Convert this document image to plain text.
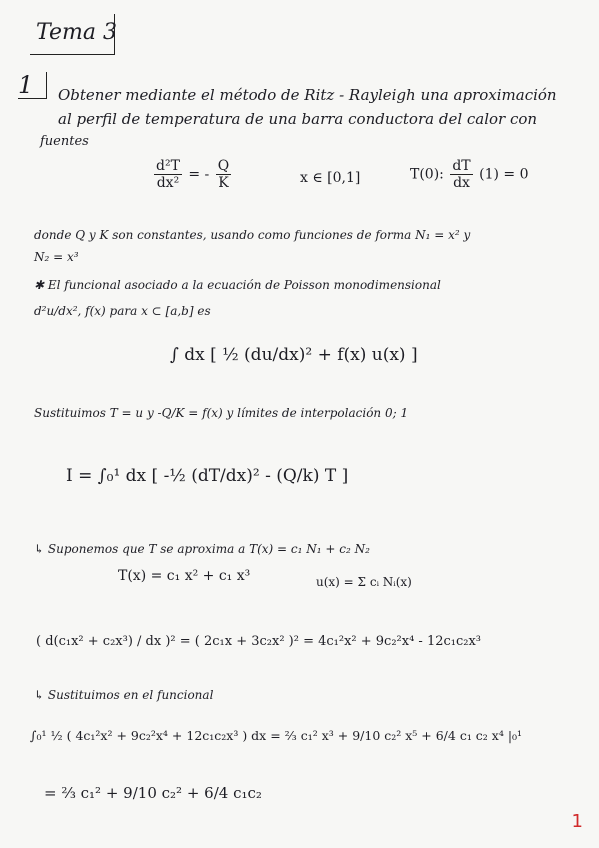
Tema 3
1	Obtener mediante el método de Ritz - Rayleigh una aproximación
al perfil de temperatura de una barra conductora del calor con
fuentes
$\frac{\text{d²T}}{\text{dx²}}$ = - $\frac{Q}{K}$	x ∈ [0,1]	T(0): $\frac{dT}{dx} (1) = 0$
donde Q y K son constantes, usando como funciones de forma N₁ = x² y
N₂ = x³
✱ El funcional asociado a la ecuación de Poisson monodimensional
d²u/dx², f(x) para x ⊂ [a,b] es
∫ dx [ ½ (du/dx)² + f(x) u(x) ]
Sustituimos T = u y -Q/K = f(x) y límites de interpolación 0; 1
I = ∫₀¹ dx [ -½ (dT/dx)² - (Q/k) T ]
↳ Suponemos que T se aproxima a T(x) = c₁ N₁ + c₂ N₂
T(x) = c₁ x² + c₁ x³	u(x) = Σ cᵢ Nᵢ(x)
( d(c₁x² + c₂x³) / dx )² = ( 2c₁x + 3c₂x² )² = 4c₁²x² + 9c₂²x⁴ - 12c₁c₂x³
↳ Sustituimos en el funcional
∫₀¹ ½ ( 4c₁²x² + 9c₂²x⁴ + 12c₁c₂x³ ) dx = ⅔ c₁² x³ + 9/10 c₂² x⁵ + 6/4 c₁ c₂ x⁴ |₀¹
= ⅔ c₁² + 9/10 c₂² + 6/4 c₁c₂
1
